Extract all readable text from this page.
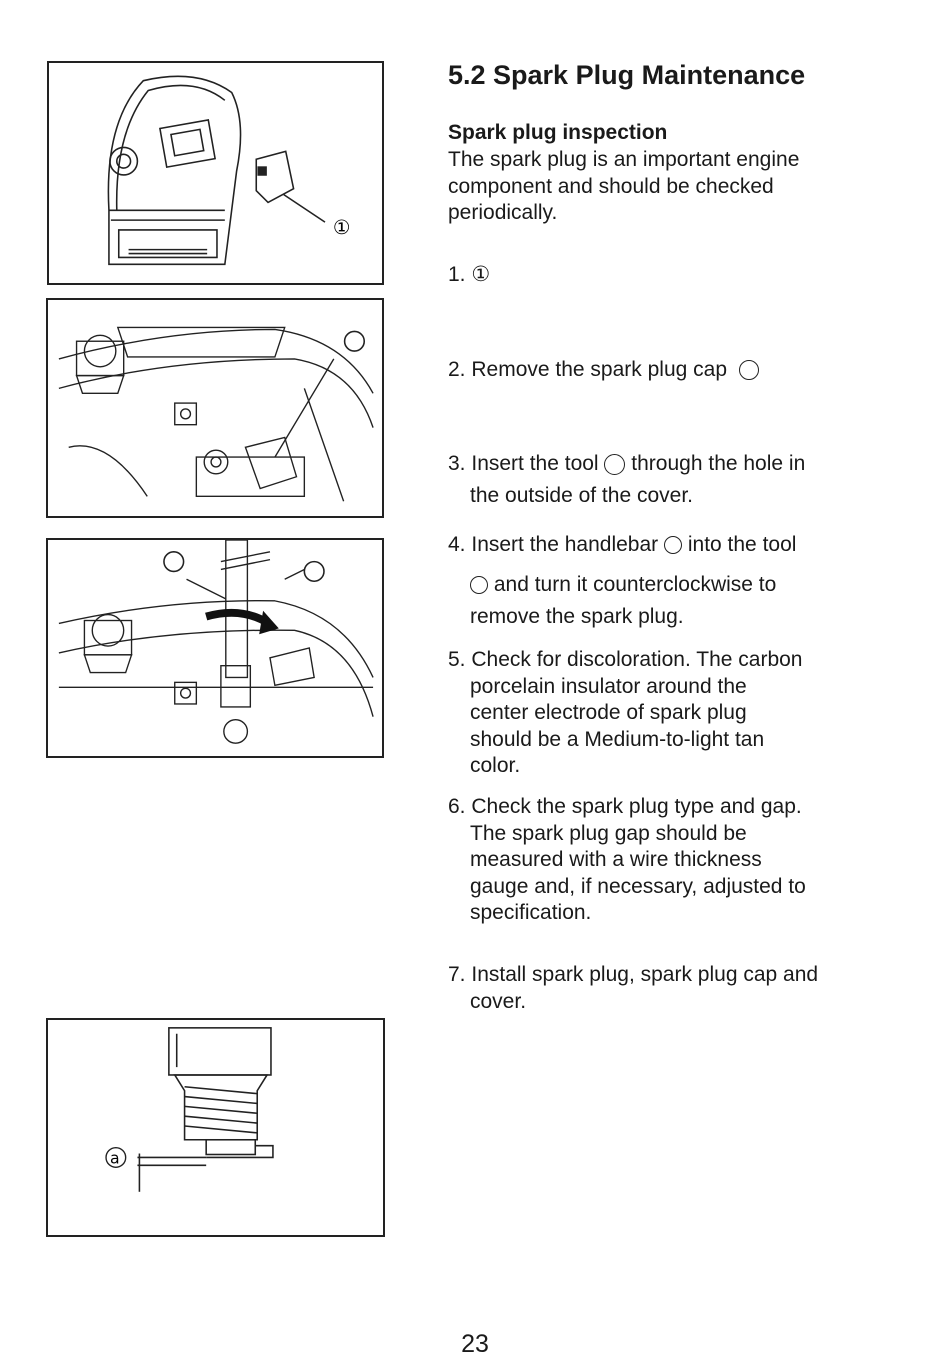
①
a
5.2 Spark Plug Maintenance
Spark plug inspection
The spark plug is an important engine component and should be checked periodically.
1. ①
2. Remove the spark plug cap
3. Insert the tool through the hole in
the outside of the cover.
4. Insert the handlebar into the tool
and turn it counterclockwise to
remove the spark plug.
5. Check for discoloration. The carbon
porcelain insulator around the
center electrode of spark plug
should be a Medium-to-light tan
color.
6. Check the spark plug type and gap.
The spark plug gap should be
measured with a wire thickness
gauge and, if necessary, adjusted to
specification.
7. Install spark plug, spark plug cap and
cover.
23
